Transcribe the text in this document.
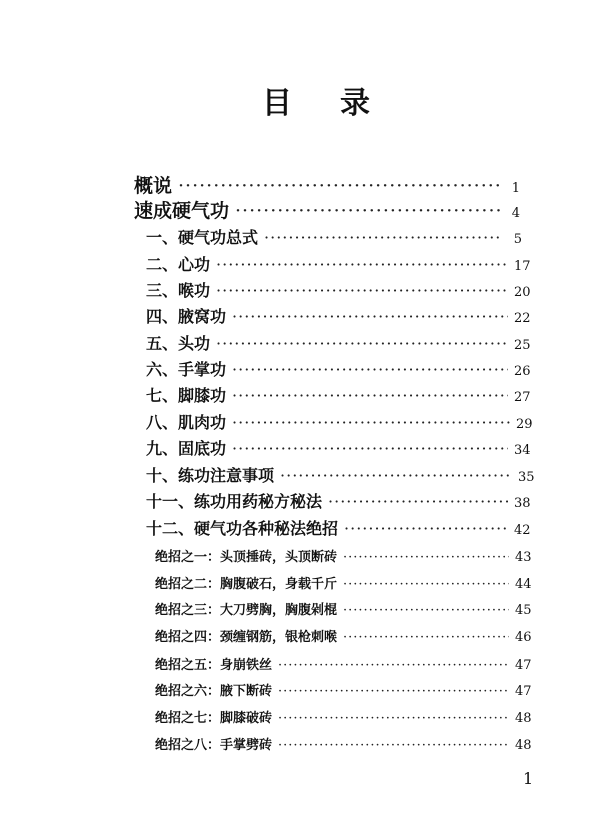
目 录
概说 ·····	1
速成硬气功 ·····	4
一、硬气功总式 ·····	5
二、心功 ·····	17
三、喉功 ·····	20
四、腋窝功 ·····	22
五、头功 ·····	25
六、手掌功 ·····	26
七、脚膝功 ·····	27
八、肌肉功 ·····	29
九、固底功 ·····	34
十、练功注意事项 ·····	35
十一、练功用药秘方秘法 ·····	38
十二、硬气功各种秘法绝招 ·····	42
绝招之一：头顶捶砖，头顶断砖 ·····	43
绝招之二：胸腹破石，身载千斤 ·····	44
绝招之三：大刀劈胸，胸腹剁棍 ·····	45
绝招之四：颈缠钢筋，银枪刺喉 ·····	46
绝招之五：身崩铁丝 ·····	47
绝招之六：腋下断砖 ·····	47
绝招之七：脚膝破砖 ·····	48
绝招之八：手掌劈砖 ·····	48
1
